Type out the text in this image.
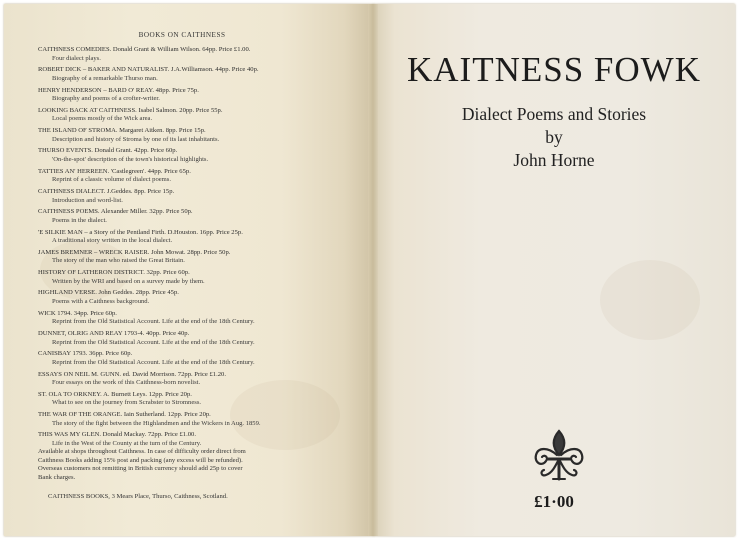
BOOKS ON CAITHNESS
CAITHNESS COMEDIES. Donald Grant & William Wilson. 64pp. Price £1.00.
Four dialect plays.
ROBERT DICK – BAKER AND NATURALIST. J.A.Williamson. 44pp. Price 40p.
Biography of a remarkable Thurso man.
HENRY HENDERSON – BARD O' REAY. 48pp. Price 75p.
Biography and poems of a crofter-writer.
LOOKING BACK AT CAITHNESS. Isabel Salmon. 20pp. Price 55p.
Local poems mostly of the Wick area.
THE ISLAND OF STROMA. Margaret Aitken. 8pp. Price 15p.
Description and history of Stroma by one of its last inhabitants.
THURSO EVENTS. Donald Grant. 42pp. Price 60p.
'On-the-spot' description of the town's historical highlights.
TATTIES AN' HERREEN. 'Castlegreen'. 44pp. Price 65p.
Reprint of a classic volume of dialect poems.
CAITHNESS DIALECT. J.Geddes. 8pp. Price 15p.
Introduction and word-list.
CAITHNESS POEMS. Alexander Miller. 32pp. Price 50p.
Poems in the dialect.
'E SILKIE MAN – a Story of the Pentland Firth. D.Houston. 16pp. Price 25p.
A traditional story written in the local dialect.
JAMES BREMNER – WRECK RAISER. John Mowat. 28pp. Price 50p.
The story of the man who raised the Great Britain.
HISTORY OF LATHERON DISTRICT. 32pp. Price 60p.
Written by the WRI and based on a survey made by them.
HIGHLAND VERSE. John Geddes. 28pp. Price 45p.
Poems with a Caithness background.
WICK 1794. 34pp. Price 60p.
Reprint from the Old Statistical Account. Life at the end of the 18th Century.
DUNNET, OLRIG AND REAY 1793-4. 40pp. Price 40p.
Reprint from the Old Statistical Account. Life at the end of the 18th Century.
CANISBAY 1793. 36pp. Price 60p.
Reprint from the Old Statistical Account. Life at the end of the 18th Century.
ESSAYS ON NEIL M. GUNN. ed. David Morrison. 72pp. Price £1.20.
Four essays on the work of this Caithness-born novelist.
ST. OLA TO ORKNEY. A. Burnett Leys. 12pp. Price 20p.
What to see on the journey from Scrabster to Stromness.
THE WAR OF THE ORANGE. Iain Sutherland. 12pp. Price 20p.
The story of the fight between the Highlandmen and the Wickers in Aug. 1859.
THIS WAS MY GLEN. Donald Mackay. 72pp. Price £1.00.
Life in the West of the County at the turn of the Century.
Available at shops throughout Caithness. In case of difficulty order direct from
Caithness Books adding 15% post and packing (any excess will be refunded).
Overseas customers not remitting in British currency should add 25p to cover
Bank charges.
CAITHNESS BOOKS, 3 Mears Place, Thurso, Caithness, Scotland.
KAITNESS FOWK
Dialect Poems and Stories
by
John Horne
£1·00
